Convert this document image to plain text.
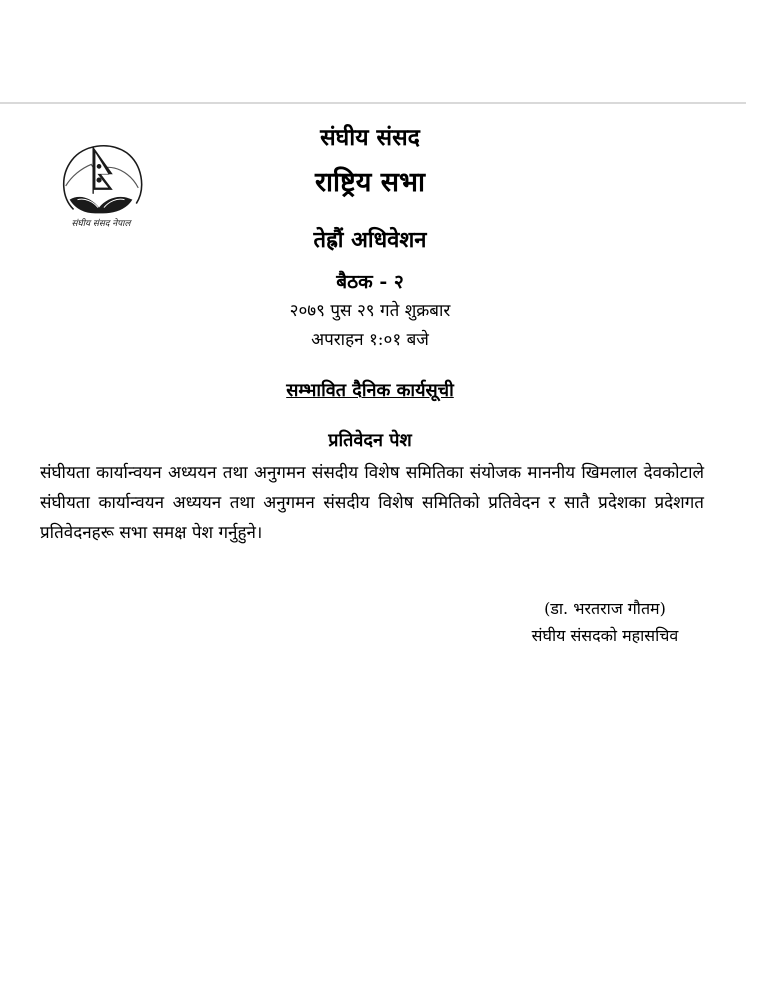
संघीय संसद नेपाल
संघीय संसद
राष्ट्रिय सभा
तेह्रौं अधिवेशन
बैठक - २
२०७९ पुस २९ गते शुक्रबार
अपराहन १:०१ बजे
सम्भावित दैनिक कार्यसूची
प्रतिवेदन पेश
संघीयता कार्यान्वयन अध्ययन तथा अनुगमन संसदीय विशेष समितिका संयोजक माननीय खिमलाल देवकोटाले संघीयता कार्यान्वयन अध्ययन तथा अनुगमन संसदीय विशेष समितिको प्रतिवेदन र सातै प्रदेशका प्रदेशगत प्रतिवेदनहरू सभा समक्ष पेश गर्नुहुने।
(डा. भरतराज गौतम)
संघीय संसदको महासचिव
